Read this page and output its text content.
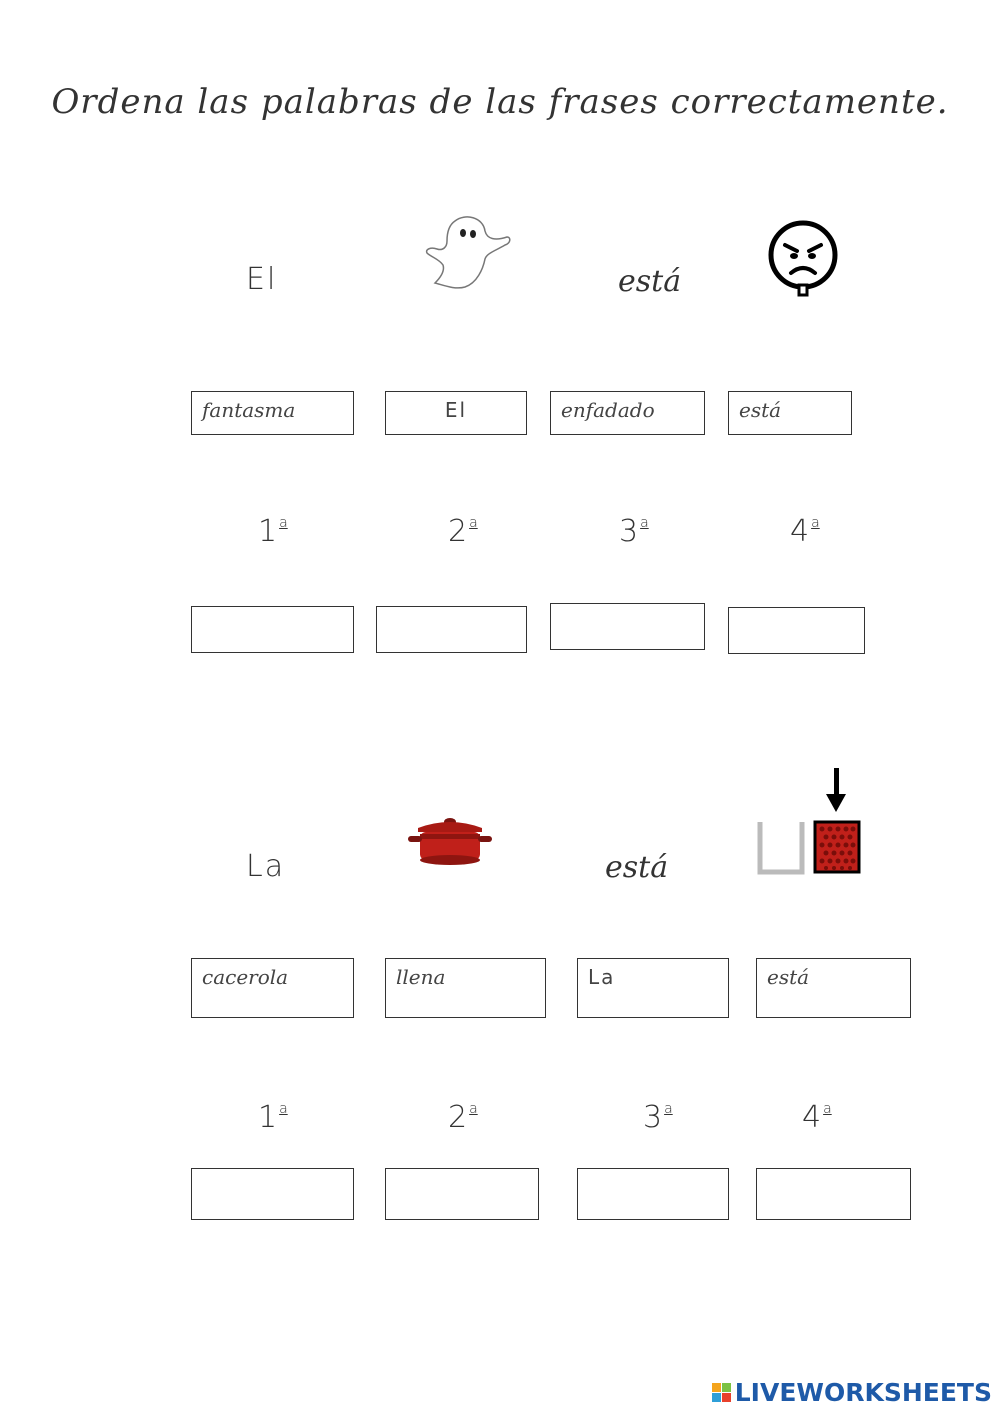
Ordena las palabras de las frases correctamente.
El	está
fantasma	El	enfadado	está
1 $^a$	2 $^a$	3 $^a$	4 $^a$
La	está
cacerola	llena	La	está
1 $^a$	2 $^a$	3 $^a$	4 $^a$
LIVEWORKSHEETS
